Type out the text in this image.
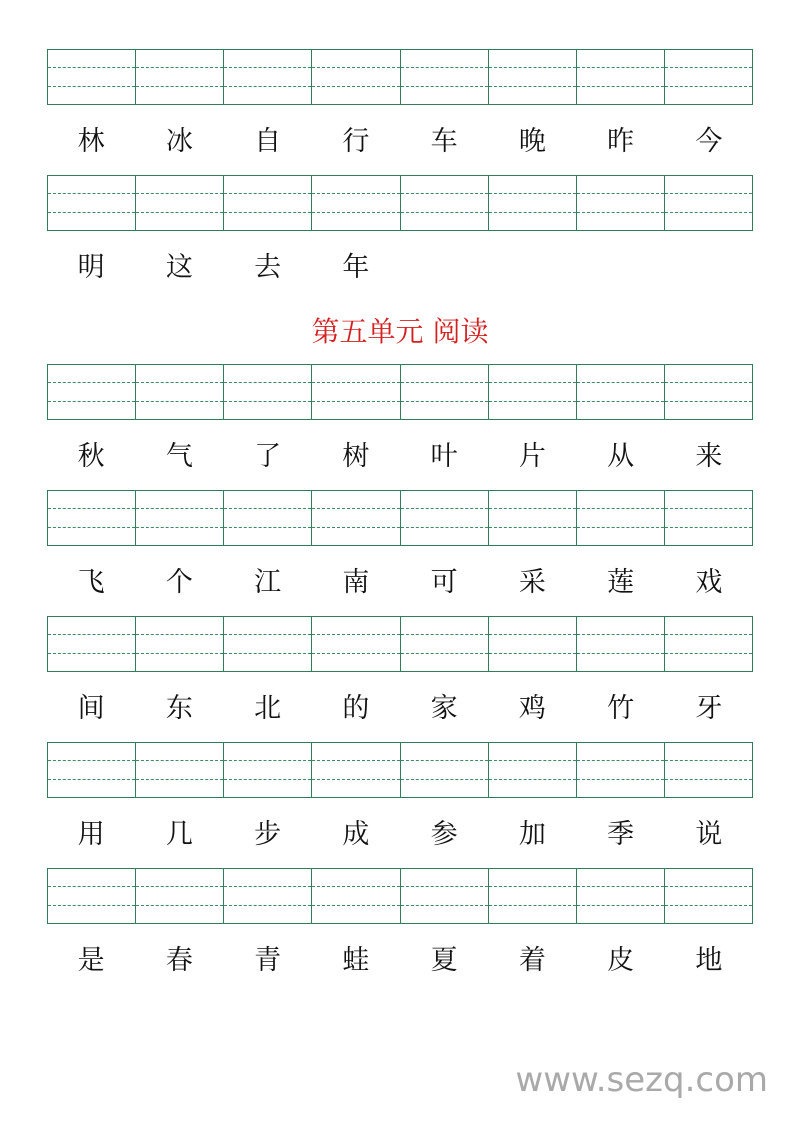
林	冰	自	行	车	晚	昨	今
明	这	去	年
第五单元 阅读
秋	气	了	树	叶	片	从	来
飞	个	江	南	可	采	莲	戏
间	东	北	的	家	鸡	竹	牙
用	几	步	成	参	加	季	说
是	春	青	蛙	夏	着	皮	地
www.sezq.com
